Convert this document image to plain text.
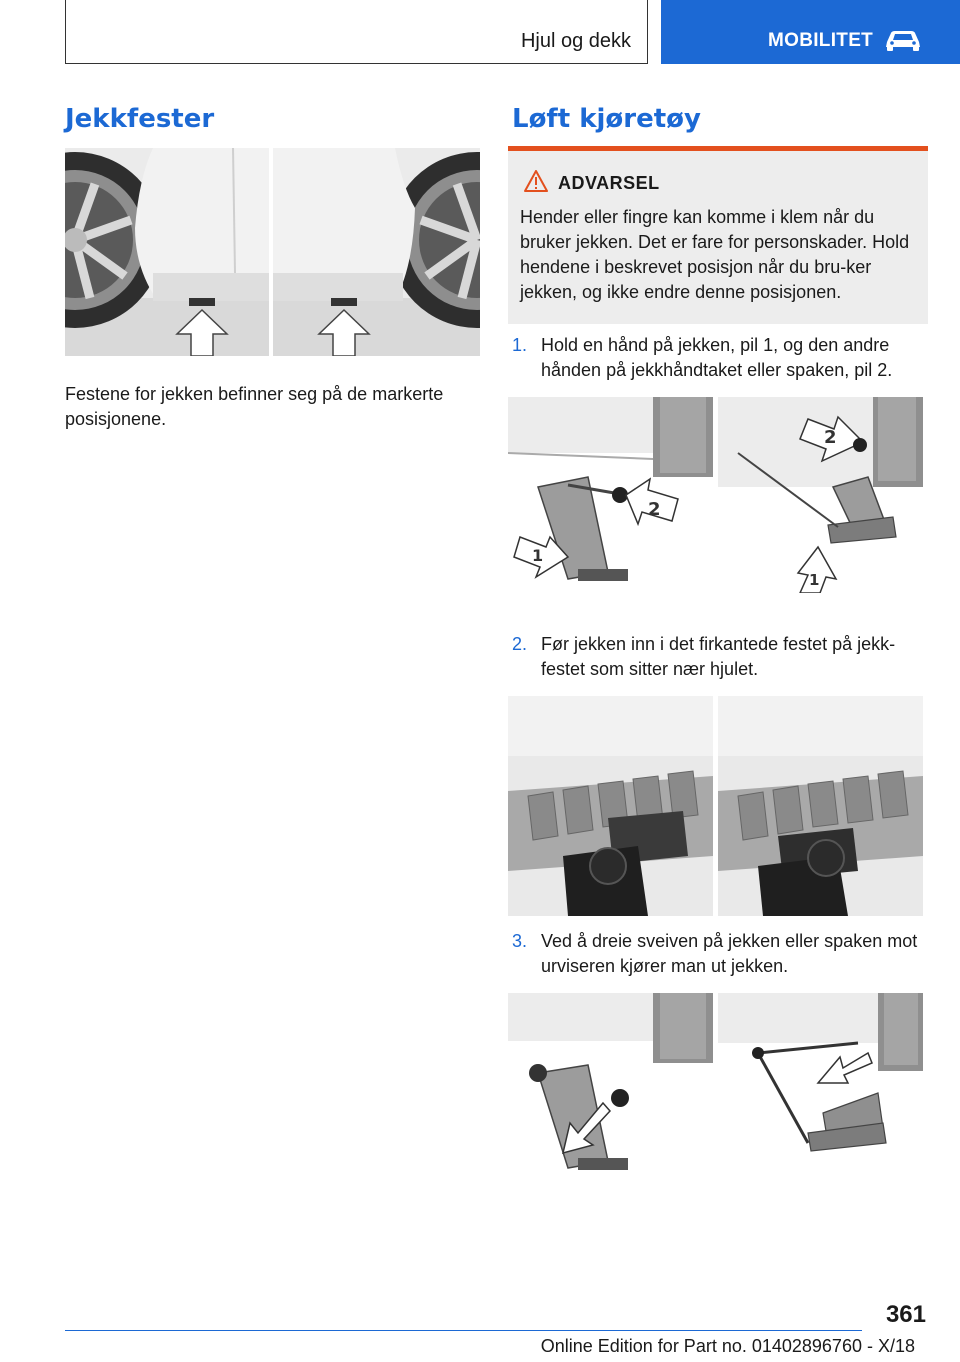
Hjul og dekk	MOBILITET
Jekkfester
Festene for jekken befinner seg på de markerte posisjonene.
Løft kjøretøy
ADVARSEL
Hender eller fingre kan komme i klem når du bruker jekken. Det er fare for personskader. Hold hendene i beskrevet posisjon når du bru-ker jekken, og ikke endre denne posisjonen.
1. Hold en hånd på jekken, pil 1, og den andre hånden på jekkhåndtaket eller spaken, pil 2.
2
1
2
1
2. Før jekken inn i det firkantede festet på jekk-festet som sitter nær hjulet.
3. Ved å dreie sveiven på jekken eller spaken mot urviseren kjører man ut jekken.
361
Online Edition for Part no. 01402896760 - X/18
